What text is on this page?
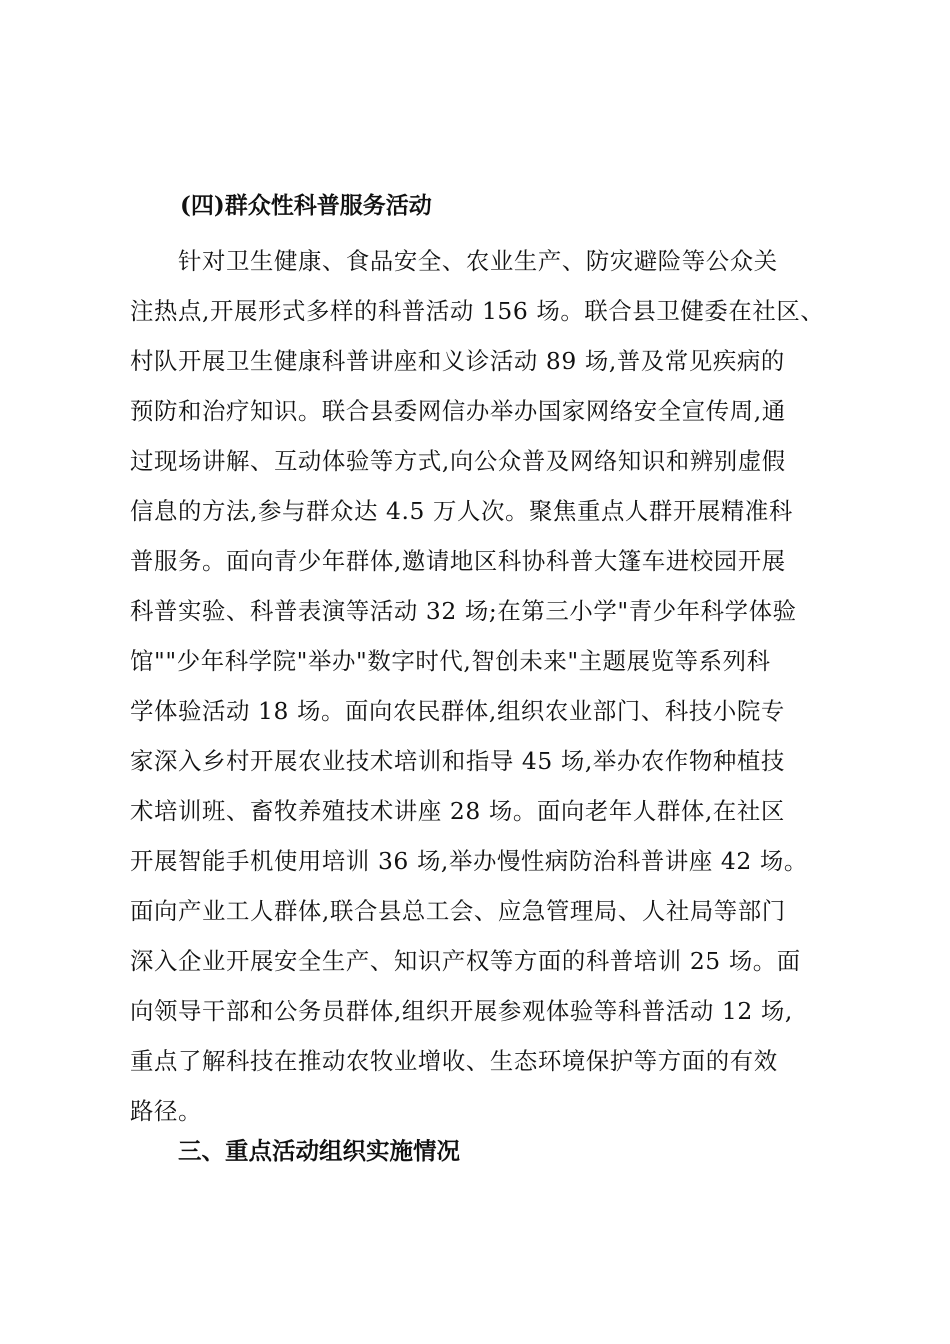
(四)群众性科普服务活动
针对卫生健康、食品安全、农业生产、防灾避险等公众关
注热点,开展形式多样的科普活动 156 场。联合县卫健委在社区、
村队开展卫生健康科普讲座和义诊活动 89 场,普及常见疾病的
预防和治疗知识。联合县委网信办举办国家网络安全宣传周,通
过现场讲解、互动体验等方式,向公众普及网络知识和辨别虚假
信息的方法,参与群众达 4.5 万人次。聚焦重点人群开展精准科
普服务。面向青少年群体,邀请地区科协科普大篷车进校园开展
科普实验、科普表演等活动 32 场;在第三小学"青少年科学体验
馆""少年科学院"举办"数字时代,智创未来"主题展览等系列科
学体验活动 18 场。面向农民群体,组织农业部门、科技小院专
家深入乡村开展农业技术培训和指导 45 场,举办农作物种植技
术培训班、畜牧养殖技术讲座 28 场。面向老年人群体,在社区
开展智能手机使用培训 36 场,举办慢性病防治科普讲座 42 场。
面向产业工人群体,联合县总工会、应急管理局、人社局等部门
深入企业开展安全生产、知识产权等方面的科普培训 25 场。面
向领导干部和公务员群体,组织开展参观体验等科普活动 12 场,
重点了解科技在推动农牧业增收、生态环境保护等方面的有效
路径。
三、重点活动组织实施情况
